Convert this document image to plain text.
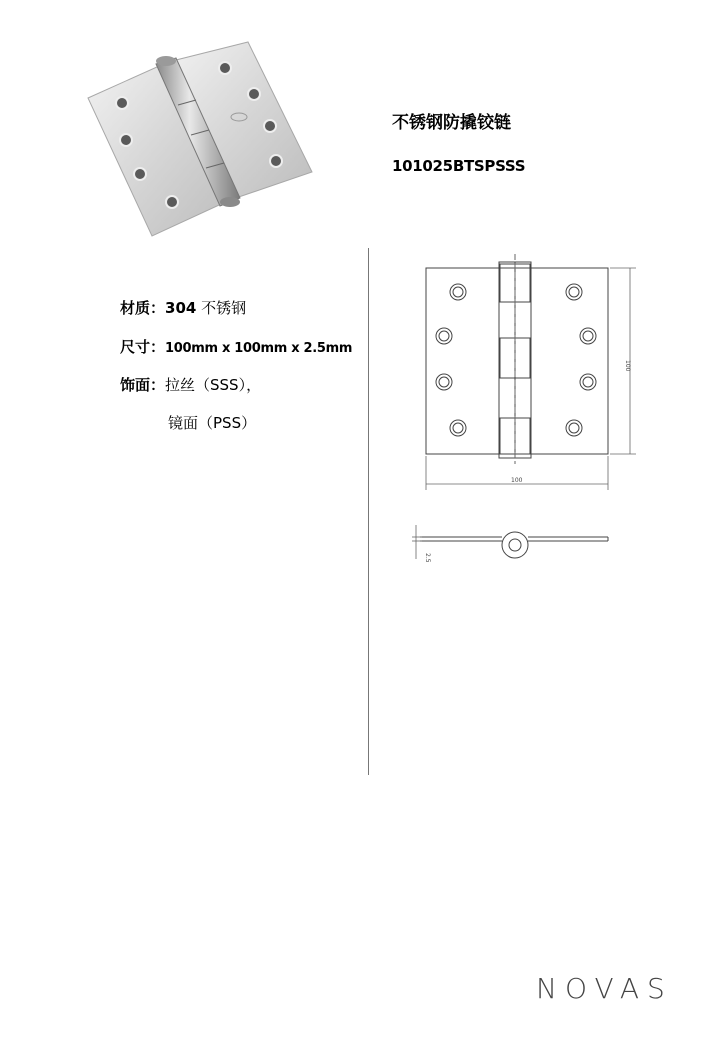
不锈钢防撬铰链
101025BTSPSSS
材质：304 不锈钢
尺寸：100mm x 100mm x 2.5mm
饰面：拉丝（SSS），
镜面（PSS）
100
100
2.5
NOVAS
